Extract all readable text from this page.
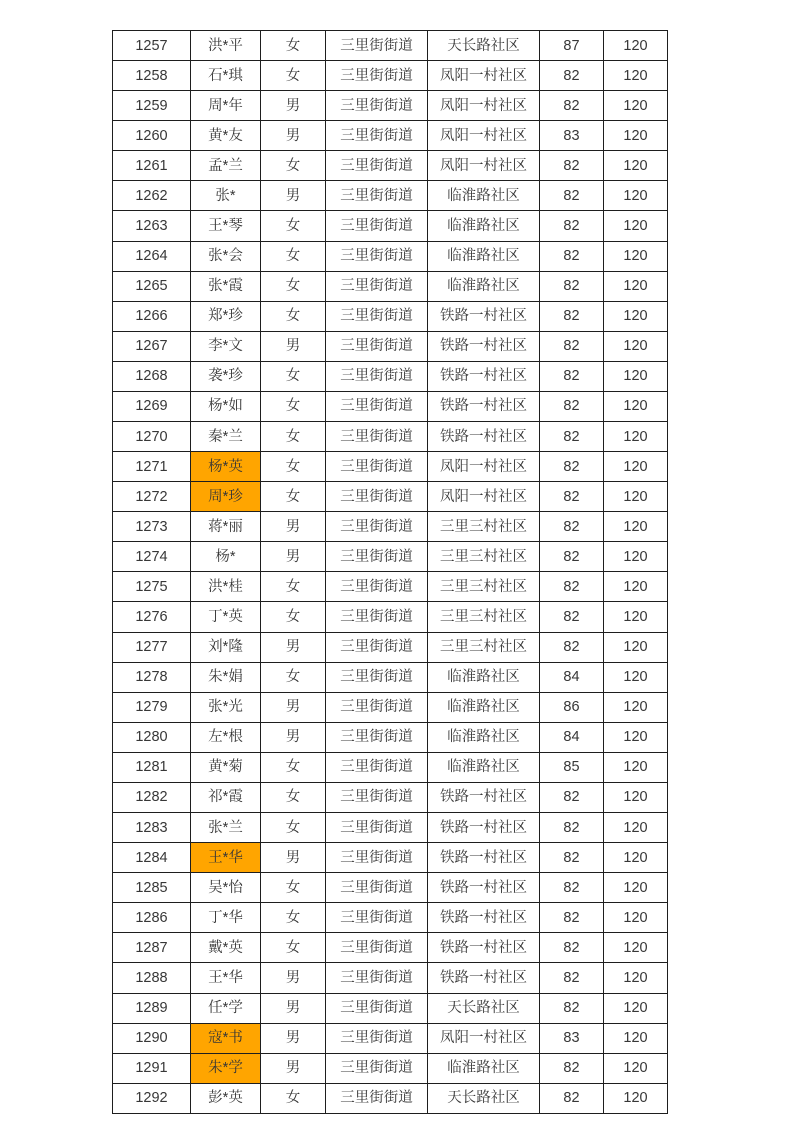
1257	洪*平	女	三里街街道	天长路社区	87	120
1258	石*琪	女	三里街街道	凤阳一村社区	82	120
1259	周*年	男	三里街街道	凤阳一村社区	82	120
1260	黄*友	男	三里街街道	凤阳一村社区	83	120
1261	孟*兰	女	三里街街道	凤阳一村社区	82	120
1262	张*	男	三里街街道	临淮路社区	82	120
1263	王*琴	女	三里街街道	临淮路社区	82	120
1264	张*会	女	三里街街道	临淮路社区	82	120
1265	张*霞	女	三里街街道	临淮路社区	82	120
1266	郑*珍	女	三里街街道	铁路一村社区	82	120
1267	李*文	男	三里街街道	铁路一村社区	82	120
1268	袭*珍	女	三里街街道	铁路一村社区	82	120
1269	杨*如	女	三里街街道	铁路一村社区	82	120
1270	秦*兰	女	三里街街道	铁路一村社区	82	120
1271	杨*英	女	三里街街道	凤阳一村社区	82	120
1272	周*珍	女	三里街街道	凤阳一村社区	82	120
1273	蒋*丽	男	三里街街道	三里三村社区	82	120
1274	杨*	男	三里街街道	三里三村社区	82	120
1275	洪*桂	女	三里街街道	三里三村社区	82	120
1276	丁*英	女	三里街街道	三里三村社区	82	120
1277	刘*隆	男	三里街街道	三里三村社区	82	120
1278	朱*娟	女	三里街街道	临淮路社区	84	120
1279	张*光	男	三里街街道	临淮路社区	86	120
1280	左*根	男	三里街街道	临淮路社区	84	120
1281	黄*菊	女	三里街街道	临淮路社区	85	120
1282	祁*霞	女	三里街街道	铁路一村社区	82	120
1283	张*兰	女	三里街街道	铁路一村社区	82	120
1284	王*华	男	三里街街道	铁路一村社区	82	120
1285	吴*怡	女	三里街街道	铁路一村社区	82	120
1286	丁*华	女	三里街街道	铁路一村社区	82	120
1287	戴*英	女	三里街街道	铁路一村社区	82	120
1288	王*华	男	三里街街道	铁路一村社区	82	120
1289	任*学	男	三里街街道	天长路社区	82	120
1290	寇*书	男	三里街街道	凤阳一村社区	83	120
1291	朱*学	男	三里街街道	临淮路社区	82	120
1292	彭*英	女	三里街街道	天长路社区	82	120
